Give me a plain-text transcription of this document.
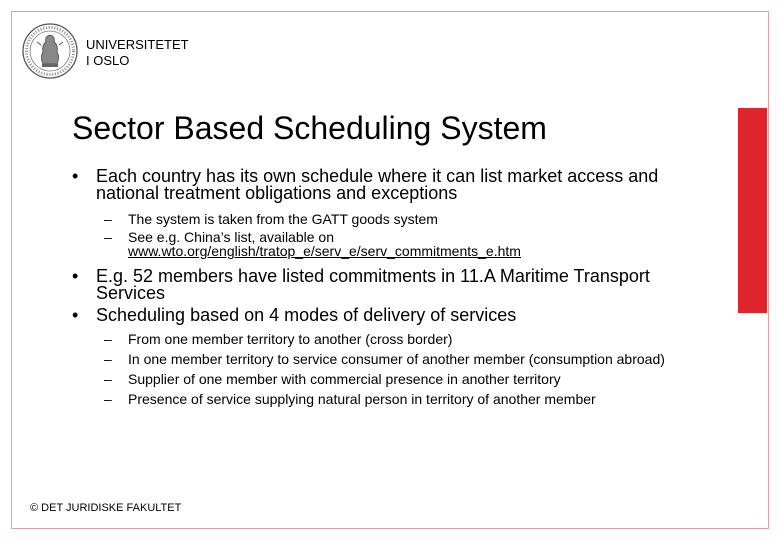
UNIVERSITETET
I OSLO
Sector Based Scheduling System

• Each country has its own schedule where it can list market access and national treatment obligations and exceptions

– The system is taken from the GATT goods system

– See e.g. China’s list, available on
www.wto.org/english/tratop_e/serv_e/serv_commitments_e.htm

• E.g. 52 members have listed commitments in 11.A Maritime Transport Services

• Scheduling based on 4 modes of delivery of services

– From one member territory to another (cross border)

– In one member territory to service consumer of another member (consumption abroad)

– Supplier of one member with commercial presence in another territory

– Presence of service supplying natural person in territory of another member

© DET JURIDISKE FAKULTET
